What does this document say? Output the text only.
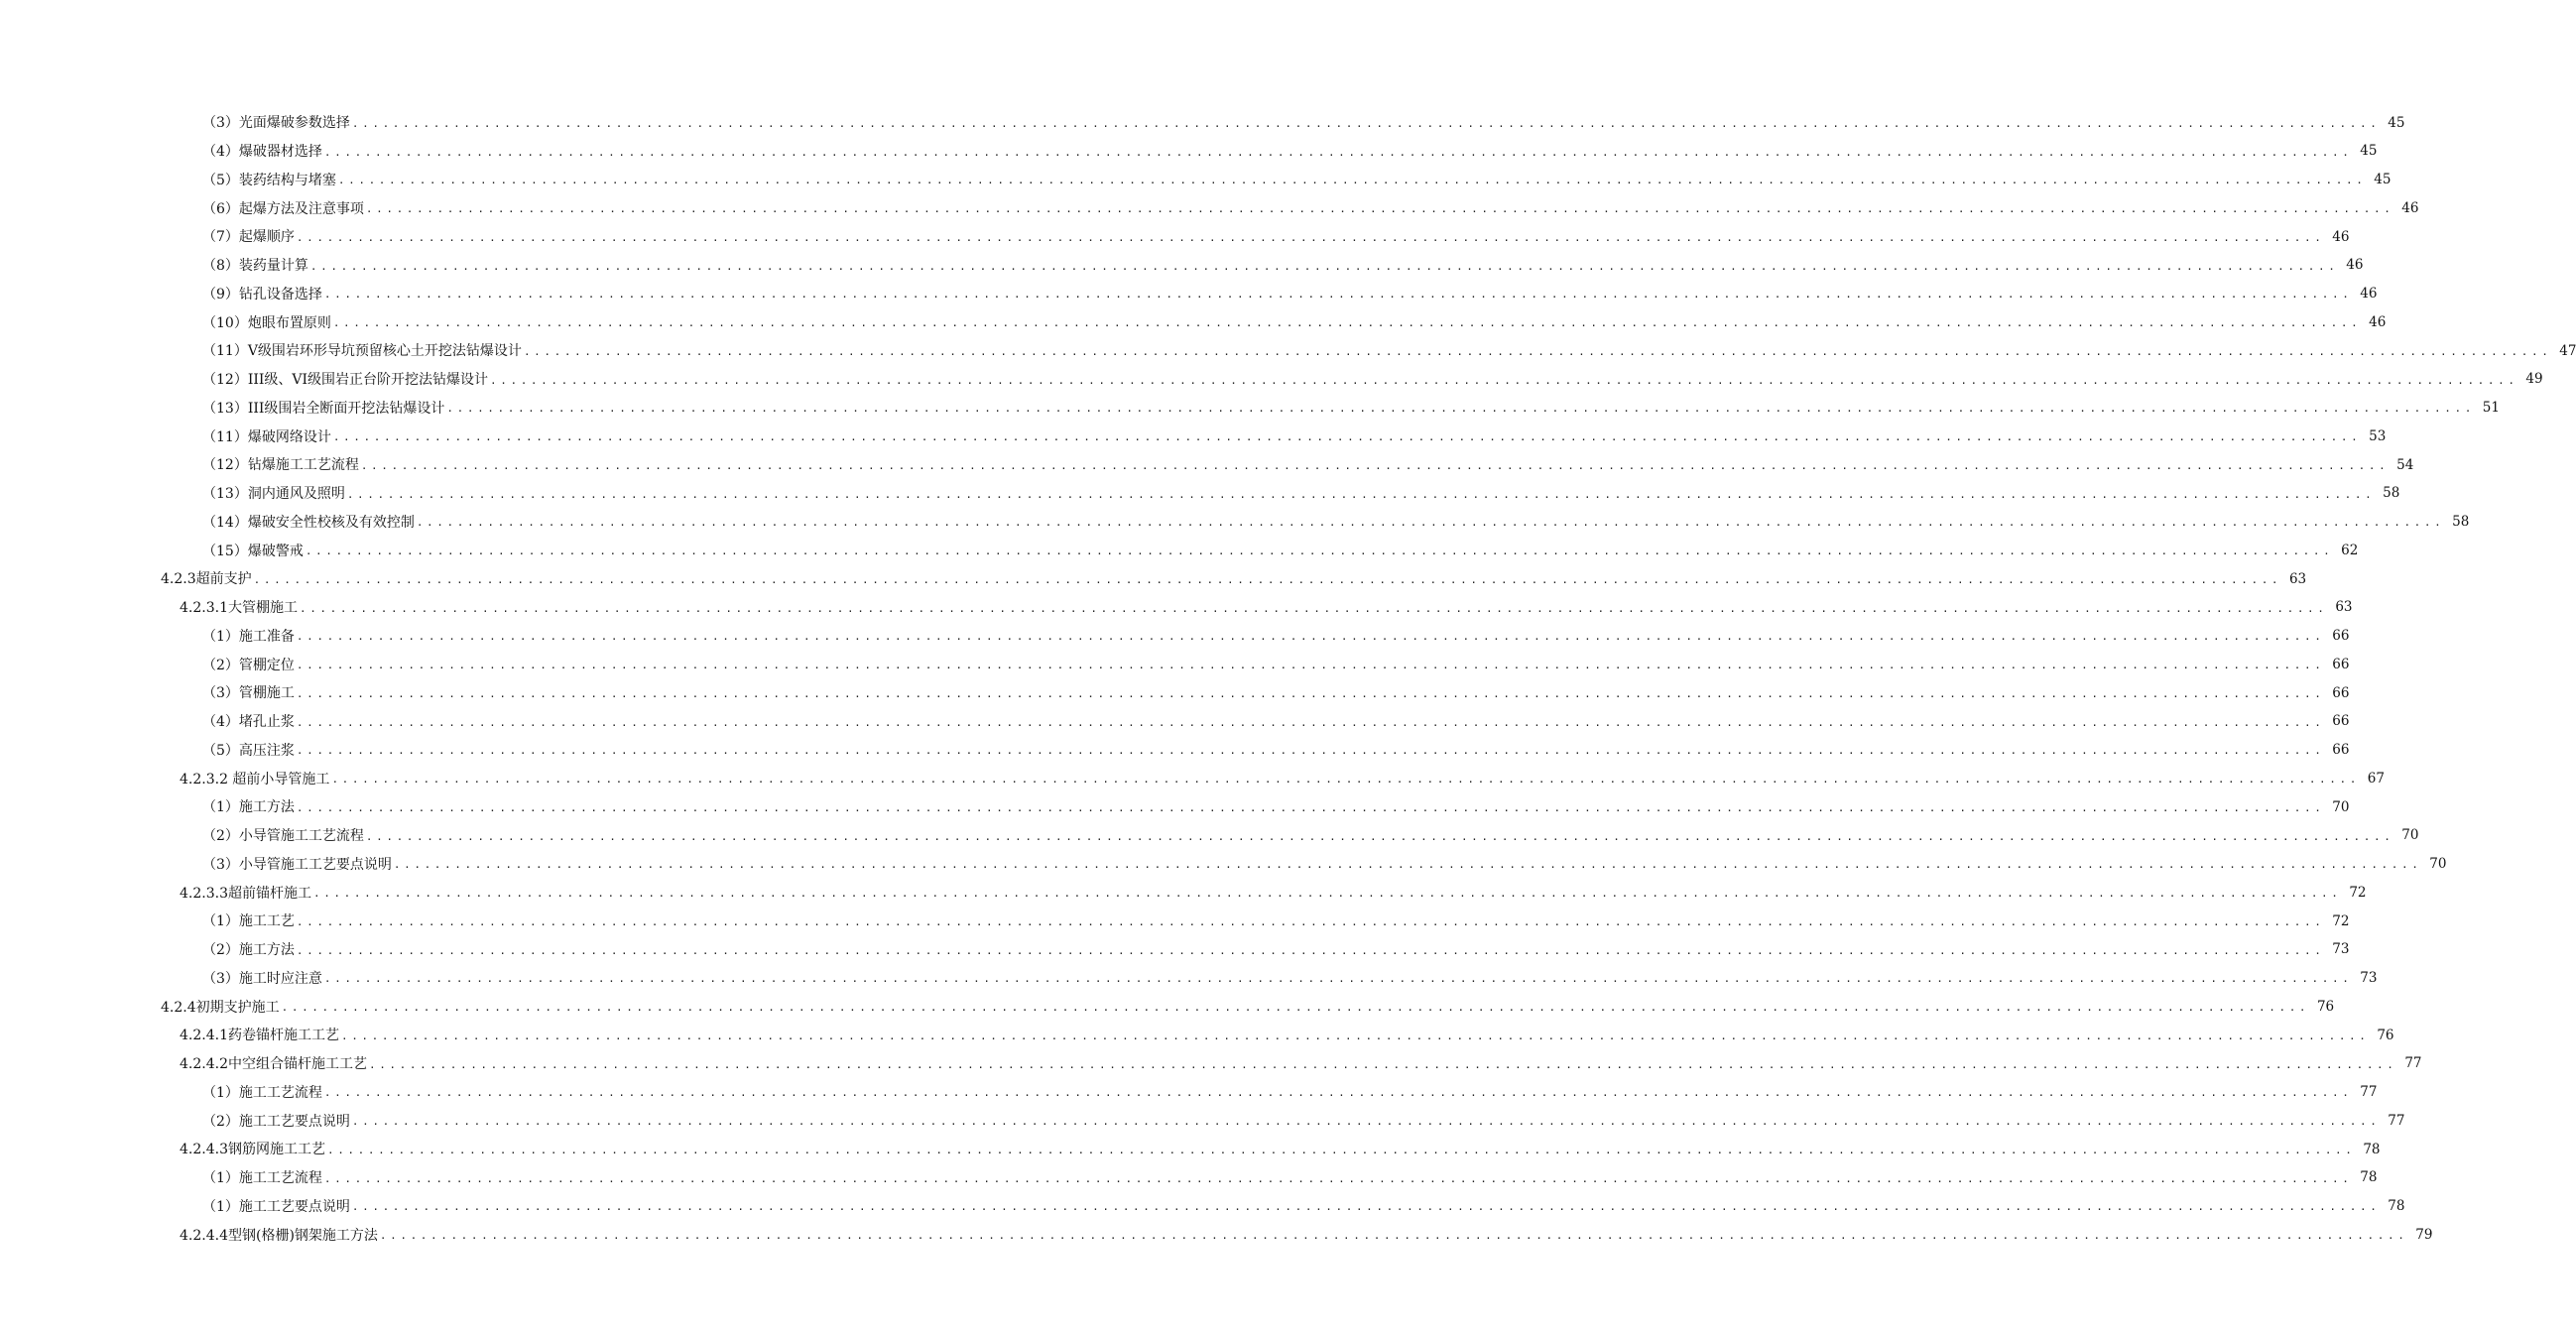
（3）光面爆破参数选择 ........................................................................................................................................................................................................ 45
（4）爆破器材选择 ........................................................................................................................................................................................................ 45
（5）装药结构与堵塞 ........................................................................................................................................................................................................ 45
（6）起爆方法及注意事项 ........................................................................................................................................................................................................ 46
（7）起爆顺序 ........................................................................................................................................................................................................ 46
（8）装药量计算 ........................................................................................................................................................................................................ 46
（9）钻孔设备选择 ........................................................................................................................................................................................................ 46
（10）炮眼布置原则 ........................................................................................................................................................................................................ 46
（11）V级围岩环形导坑预留核心土开挖法钻爆设计 ........................................................................................................................................................................................................ 47
（12）III级、VI级围岩正台阶开挖法钻爆设计 ........................................................................................................................................................................................................ 49
（13）III级围岩全断面开挖法钻爆设计 ........................................................................................................................................................................................................ 51
（11）爆破网络设计 ........................................................................................................................................................................................................ 53
（12）钻爆施工工艺流程 ........................................................................................................................................................................................................ 54
（13）洞内通风及照明 ........................................................................................................................................................................................................ 58
（14）爆破安全性校核及有效控制 ........................................................................................................................................................................................................ 58
（15）爆破警戒 ........................................................................................................................................................................................................ 62
4.2.3超前支护 ........................................................................................................................................................................................................ 63
4.2.3.1大管棚施工 ........................................................................................................................................................................................................ 63
（1）施工准备 ........................................................................................................................................................................................................ 66
（2）管棚定位 ........................................................................................................................................................................................................ 66
（3）管棚施工 ........................................................................................................................................................................................................ 66
（4）堵孔止浆 ........................................................................................................................................................................................................ 66
（5）高压注浆 ........................................................................................................................................................................................................ 66
4.2.3.2 超前小导管施工 ........................................................................................................................................................................................................ 67
（1）施工方法 ........................................................................................................................................................................................................ 70
（2）小导管施工工艺流程 ........................................................................................................................................................................................................ 70
（3）小导管施工工艺要点说明 ........................................................................................................................................................................................................ 70
4.2.3.3超前锚杆施工 ........................................................................................................................................................................................................ 72
（1）施工工艺 ........................................................................................................................................................................................................ 72
（2）施工方法 ........................................................................................................................................................................................................ 73
（3）施工时应注意 ........................................................................................................................................................................................................ 73
4.2.4初期支护施工 ........................................................................................................................................................................................................ 76
4.2.4.1药卷锚杆施工工艺 ........................................................................................................................................................................................................ 76
4.2.4.2中空组合锚杆施工工艺 ........................................................................................................................................................................................................ 77
（1）施工工艺流程 ........................................................................................................................................................................................................ 77
（2）施工工艺要点说明 ........................................................................................................................................................................................................ 77
4.2.4.3钢筋网施工工艺 ........................................................................................................................................................................................................ 78
（1）施工工艺流程 ........................................................................................................................................................................................................ 78
（1）施工工艺要点说明 ........................................................................................................................................................................................................ 78
4.2.4.4型钢(格栅)钢架施工方法 ........................................................................................................................................................................................................ 79
